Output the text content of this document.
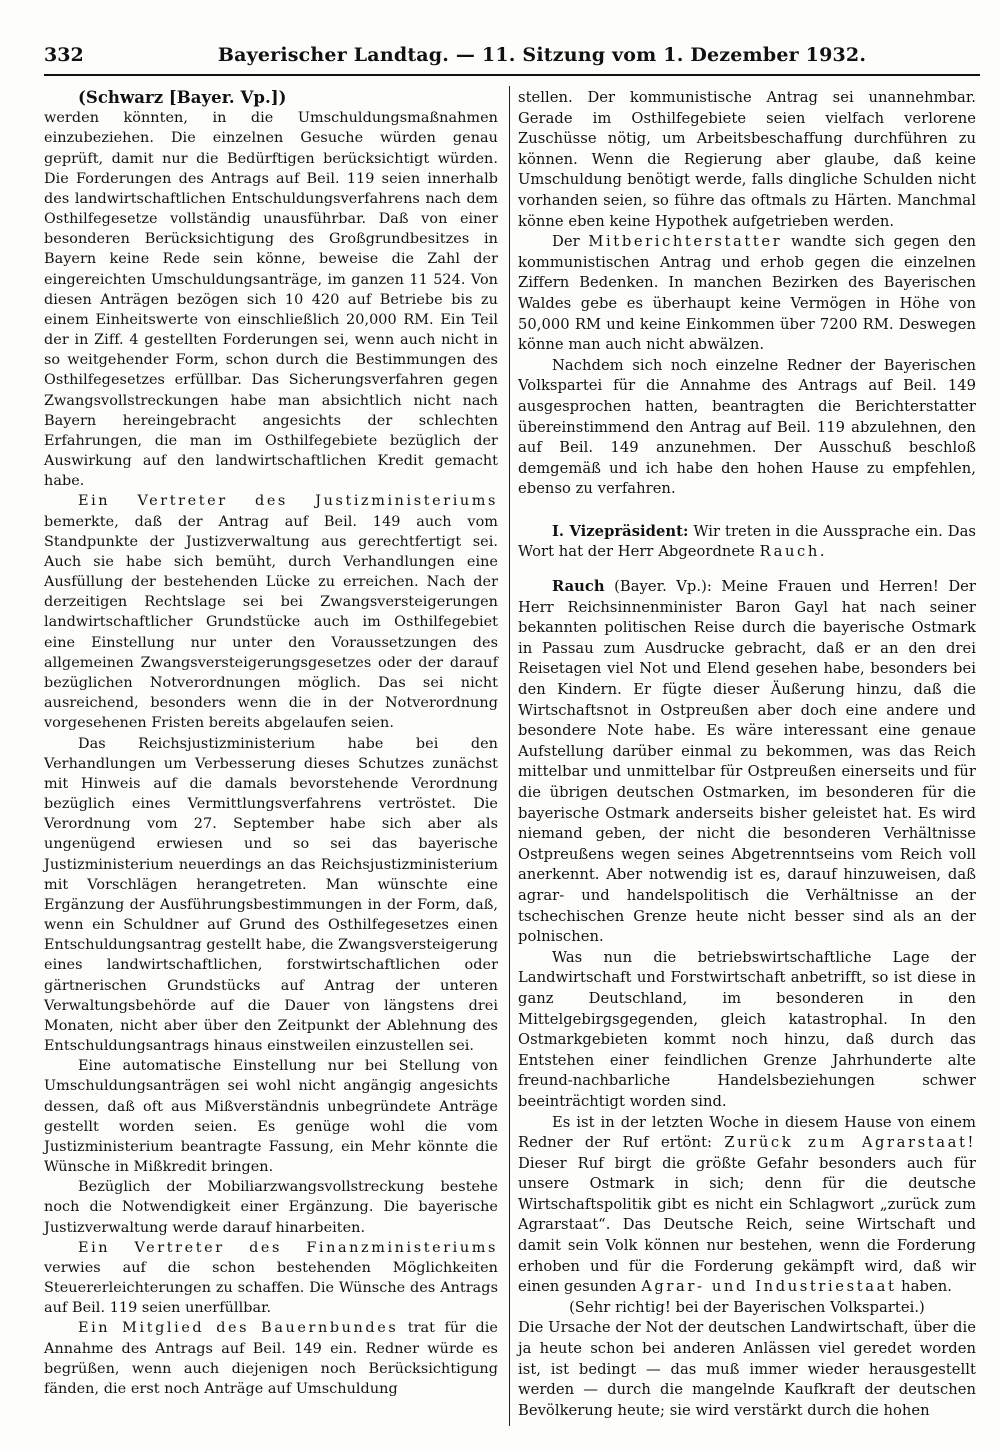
332	Bayerischer Landtag. — 11. Sitzung vom 1. Dezember 1932.

(Schwarz [Bayer. Vp.])

werden könnten, in die Umschuldungsmaßnahmen einzubeziehen. Die einzelnen Gesuche würden genau geprüft, damit nur die Bedürftigen berücksichtigt würden. Die Forderungen des Antrags auf Beil. 119 seien innerhalb des landwirtschaftlichen Entschuldungsverfahrens nach dem Osthilfegesetze vollständig unausführbar. Daß von einer besonderen Berücksichtigung des Großgrundbesitzes in Bayern keine Rede sein könne, beweise die Zahl der eingereichten Umschuldungsanträge, im ganzen 11 524. Von diesen Anträgen bezögen sich 10 420 auf Betriebe bis zu einem Einheitswerte von einschließlich 20,000 RM. Ein Teil der in Ziff. 4 gestellten Forderungen sei, wenn auch nicht in so weitgehender Form, schon durch die Bestimmungen des Osthilfegesetzes erfüllbar. Das Sicherungsverfahren gegen Zwangsvollstreckungen habe man absichtlich nicht nach Bayern hereingebracht angesichts der schlechten Erfahrungen, die man im Osthilfegebiete bezüglich der Auswirkung auf den landwirtschaftlichen Kredit gemacht habe.

Ein Vertreter des Justizministeriums bemerkte, daß der Antrag auf Beil. 149 auch vom Standpunkte der Justizverwaltung aus gerechtfertigt sei. Auch sie habe sich bemüht, durch Verhandlungen eine Ausfüllung der bestehenden Lücke zu erreichen. Nach der derzeitigen Rechtslage sei bei Zwangsversteigerungen landwirtschaftlicher Grundstücke auch im Osthilfegebiet eine Einstellung nur unter den Voraussetzungen des allgemeinen Zwangsversteigerungsgesetzes oder der darauf bezüglichen Notverordnungen möglich. Das sei nicht ausreichend, besonders wenn die in der Notverordnung vorgesehenen Fristen bereits abgelaufen seien.

Das Reichsjustizministerium habe bei den Verhandlungen um Verbesserung dieses Schutzes zunächst mit Hinweis auf die damals bevorstehende Verordnung bezüglich eines Vermittlungsverfahrens vertröstet. Die Verordnung vom 27. September habe sich aber als ungenügend erwiesen und so sei das bayerische Justizministerium neuerdings an das Reichsjustizministerium mit Vorschlägen herangetreten. Man wünschte eine Ergänzung der Ausführungsbestimmungen in der Form, daß, wenn ein Schuldner auf Grund des Osthilfegesetzes einen Entschuldungsantrag gestellt habe, die Zwangsversteigerung eines landwirtschaftlichen, forstwirtschaftlichen oder gärtnerischen Grundstücks auf Antrag der unteren Verwaltungsbehörde auf die Dauer von längstens drei Monaten, nicht aber über den Zeitpunkt der Ablehnung des Entschuldungsantrags hinaus einstweilen einzustellen sei.

Eine automatische Einstellung nur bei Stellung von Umschuldungsanträgen sei wohl nicht angängig angesichts dessen, daß oft aus Mißverständnis unbegründete Anträge gestellt worden seien. Es genüge wohl die vom Justizministerium beantragte Fassung, ein Mehr könnte die Wünsche in Mißkredit bringen.

Bezüglich der Mobiliarzwangsvollstreckung bestehe noch die Notwendigkeit einer Ergänzung. Die bayerische Justizverwaltung werde darauf hinarbeiten.

Ein Vertreter des Finanzministeriums verwies auf die schon bestehenden Möglichkeiten Steuererleichterungen zu schaffen. Die Wünsche des Antrags auf Beil. 119 seien unerfüllbar.

Ein Mitglied des Bauernbundes trat für die Annahme des Antrags auf Beil. 149 ein. Redner würde es begrüßen, wenn auch diejenigen noch Berücksichtigung fänden, die erst noch Anträge auf Umschuldung

stellen. Der kommunistische Antrag sei unannehmbar. Gerade im Osthilfegebiete seien vielfach verlorene Zuschüsse nötig, um Arbeitsbeschaffung durchführen zu können. Wenn die Regierung aber glaube, daß keine Umschuldung benötigt werde, falls dingliche Schulden nicht vorhanden seien, so führe das oftmals zu Härten. Manchmal könne eben keine Hypothek aufgetrieben werden.

Der Mitberichterstatter wandte sich gegen den kommunistischen Antrag und erhob gegen die einzelnen Ziffern Bedenken. In manchen Bezirken des Bayerischen Waldes gebe es überhaupt keine Vermögen in Höhe von 50,000 RM und keine Einkommen über 7200 RM. Deswegen könne man auch nicht abwälzen.

Nachdem sich noch einzelne Redner der Bayerischen Volkspartei für die Annahme des Antrags auf Beil. 149 ausgesprochen hatten, beantragten die Berichterstatter übereinstimmend den Antrag auf Beil. 119 abzulehnen, den auf Beil. 149 anzunehmen. Der Ausschuß beschloß demgemäß und ich habe den hohen Hause zu empfehlen, ebenso zu verfahren.

I. Vizepräsident: Wir treten in die Aussprache ein. Das Wort hat der Herr Abgeordnete Rauch.

Rauch (Bayer. Vp.): Meine Frauen und Herren! Der Herr Reichsinnenminister Baron Gayl hat nach seiner bekannten politischen Reise durch die bayerische Ostmark in Passau zum Ausdrucke gebracht, daß er an den drei Reisetagen viel Not und Elend gesehen habe, besonders bei den Kindern. Er fügte dieser Äußerung hinzu, daß die Wirtschaftsnot in Ostpreußen aber doch eine andere und besondere Note habe. Es wäre interessant eine genaue Aufstellung darüber einmal zu bekommen, was das Reich mittelbar und unmittelbar für Ostpreußen einerseits und für die übrigen deutschen Ostmarken, im besonderen für die bayerische Ostmark anderseits bisher geleistet hat. Es wird niemand geben, der nicht die besonderen Verhältnisse Ostpreußens wegen seines Abgetrenntseins vom Reich voll anerkennt. Aber notwendig ist es, darauf hinzuweisen, daß agrar- und handelspolitisch die Verhältnisse an der tschechischen Grenze heute nicht besser sind als an der polnischen.

Was nun die betriebswirtschaftliche Lage der Landwirtschaft und Forstwirtschaft anbetrifft, so ist diese in ganz Deutschland, im besonderen in den Mittelgebirgsgegenden, gleich katastrophal. In den Ostmarkgebieten kommt noch hinzu, daß durch das Entstehen einer feindlichen Grenze Jahrhunderte alte freund-nachbarliche Handelsbeziehungen schwer beeinträchtigt worden sind.

Es ist in der letzten Woche in diesem Hause von einem Redner der Ruf ertönt: Zurück zum Agrarstaat! Dieser Ruf birgt die größte Gefahr besonders auch für unsere Ostmark in sich; denn für die deutsche Wirtschaftspolitik gibt es nicht ein Schlagwort „zurück zum Agrarstaat“. Das Deutsche Reich, seine Wirtschaft und damit sein Volk können nur bestehen, wenn die Forderung erhoben und für die Forderung gekämpft wird, daß wir einen gesunden Agrar- und Industriestaat haben.

(Sehr richtig! bei der Bayerischen Volkspartei.)

Die Ursache der Not der deutschen Landwirtschaft, über die ja heute schon bei anderen Anlässen viel geredet worden ist, ist bedingt — das muß immer wieder herausgestellt werden — durch die mangelnde Kaufkraft der deutschen Bevölkerung heute; sie wird verstärkt durch die hohen
